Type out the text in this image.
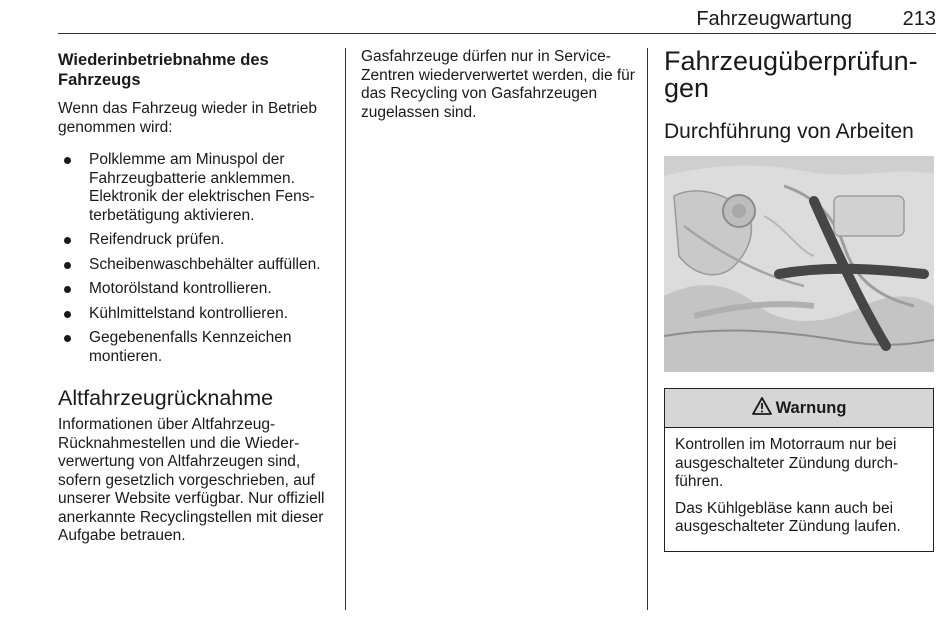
Fahrzeugwartung	213
Wiederinbetriebnahme des Fahrzeugs

Wenn das Fahrzeug wieder in Betrieb genommen wird:

Polklemme am Minuspol der Fahrzeugbatterie anklemmen. Elektronik der elektrischen Fensterbetätigung aktivieren.
Reifendruck prüfen.
Scheibenwaschbehälter auffüllen.
Motorölstand kontrollieren.
Kühlmittelstand kontrollieren.
Gegebenenfalls Kennzeichen montieren.
Altfahrzeugrücknahme

Informationen über Altfahrzeug-Rücknahmestellen und die Wiederverwertung von Altfahrzeugen sind, sofern gesetzlich vorgeschrieben, auf unserer Website verfügbar. Nur offiziell anerkannte Recyclingstellen mit dieser Aufgabe betrauen.

Gasfahrzeuge dürfen nur in Service-Zentren wiederverwertet werden, die für das Recycling von Gasfahrzeugen zugelassen sind.

Fahrzeugüberprüfungen
Durchführung von Arbeiten
Warnung

Kontrollen im Motorraum nur bei ausgeschalteter Zündung durchführen.

Das Kühlgebläse kann auch bei ausgeschalteter Zündung laufen.
